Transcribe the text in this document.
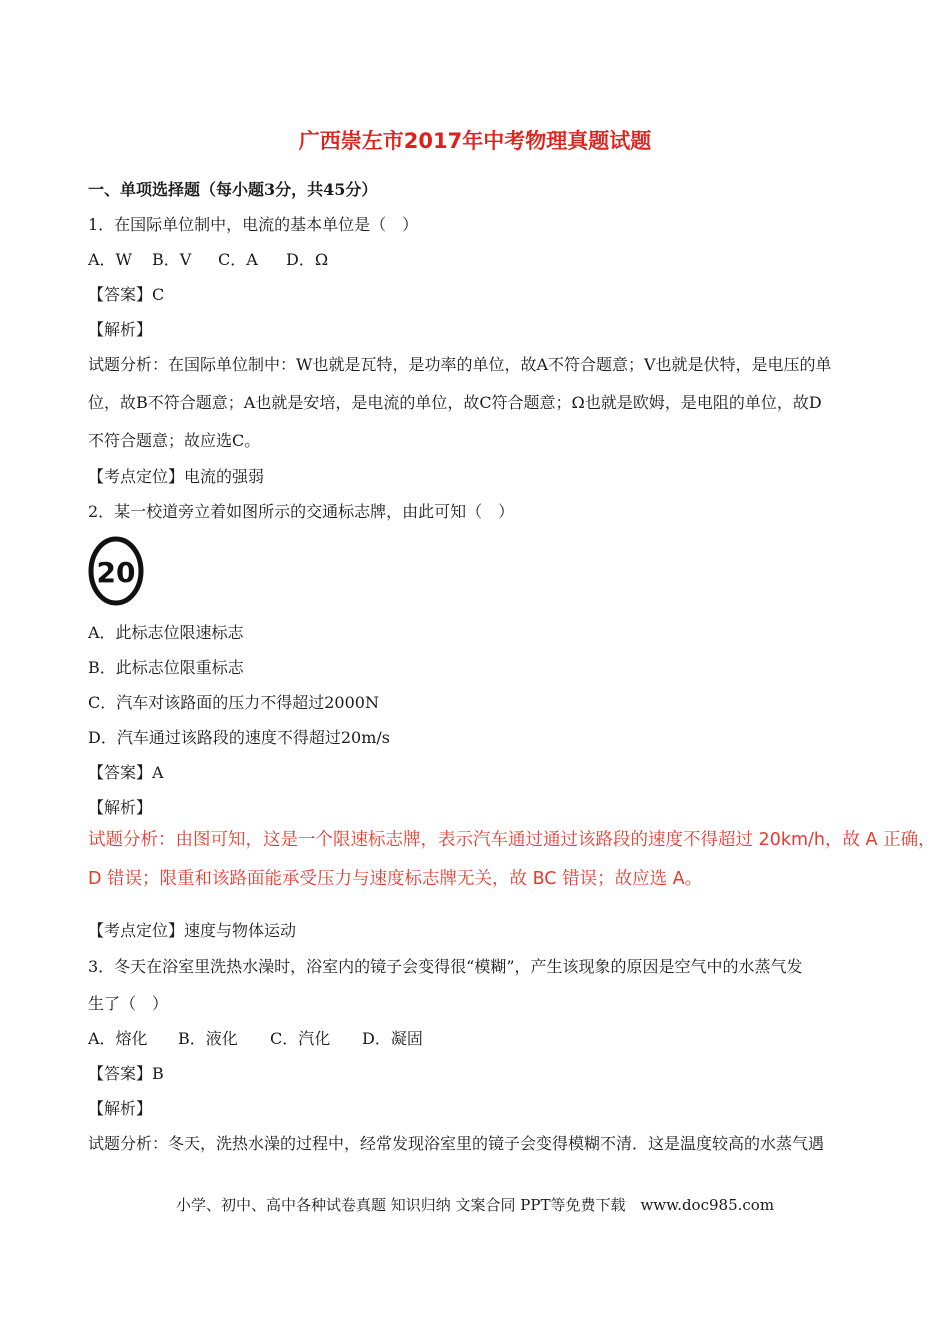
广西崇左市2017年中考物理真题试题
一、单项选择题（每小题3分，共45分）
1．在国际单位制中，电流的基本单位是（　）
A．W B．V C．A D．Ω
【答案】C
【解析】
试题分析：在国际单位制中：W也就是瓦特，是功率的单位，故A不符合题意；V也就是伏特，是电压的单
位，故B不符合题意；A也就是安培，是电流的单位，故C符合题意；Ω也就是欧姆，是电阻的单位，故D
不符合题意；故应选C。
【考点定位】电流的强弱
2．某一校道旁立着如图所示的交通标志牌，由此可知（　）
20
A．此标志位限速标志
B．此标志位限重标志
C．汽车对该路面的压力不得超过2000N
D．汽车通过该路段的速度不得超过20m/s
【答案】A
【解析】
试题分析：由图可知，这是一个限速标志牌，表示汽车通过通过该路段的速度不得超过 20km/h，故 A 正确，
D 错误；限重和该路面能承受压力与速度标志牌无关，故 BC 错误；故应选 A。
【考点定位】速度与物体运动
3．冬天在浴室里洗热水澡时，浴室内的镜子会变得很“模糊”，产生该现象的原因是空气中的水蒸气发
生了（　）
A．熔化 B．液化 C．汽化 D．凝固
【答案】B
【解析】
试题分析：冬天，洗热水澡的过程中，经常发现浴室里的镜子会变得模糊不清．这是温度较高的水蒸气遇
小学、初中、高中各种试卷真题 知识归纳 文案合同 PPT等免费下载　www.doc985.com
